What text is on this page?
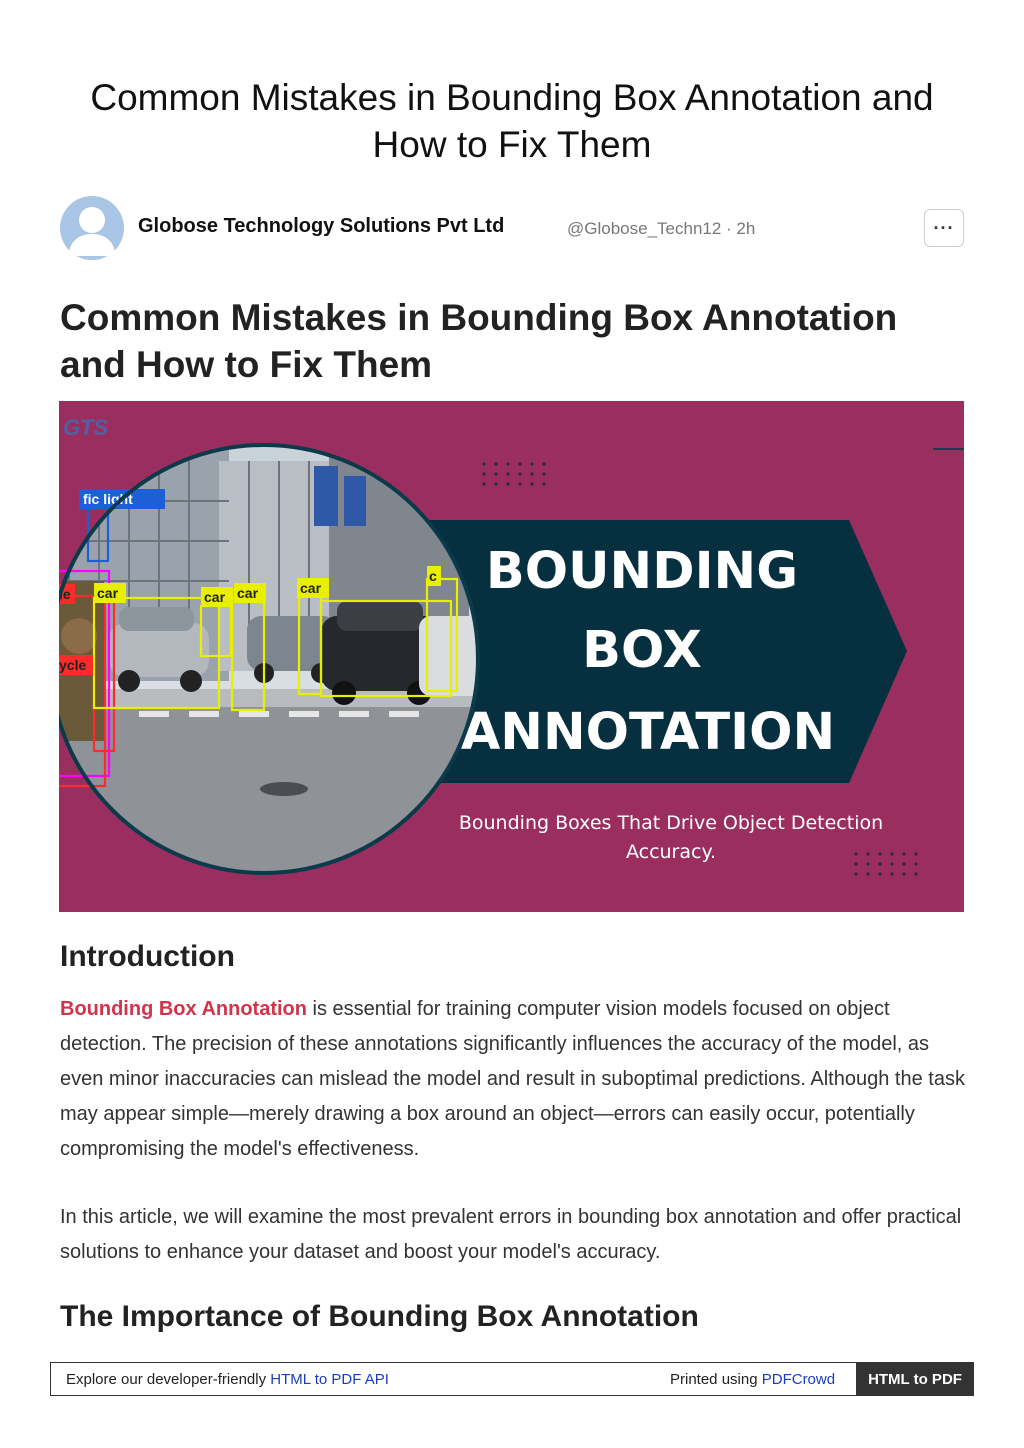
Common Mistakes in Bounding Box Annotation and How to Fix Them
Globose Technology Solutions Pvt Ltd	@Globose_Techn12 · 2h	···
Common Mistakes in Bounding Box Annotation and How to Fix Them
GTS
fic light
le car	car car	car
ycle
c BOUNDING
BOX
ANNOTATION
Bounding Boxes That Drive Object Detection
Accuracy.
Introduction

Bounding Box Annotation is essential for training computer vision models focused on object detection. The precision of these annotations significantly influences the accuracy of the model, as even minor inaccuracies can mislead the model and result in suboptimal predictions. Although the task may appear simple—merely drawing a box around an object—errors can easily occur, potentially compromising the model's effectiveness.

In this article, we will examine the most prevalent errors in bounding box annotation and offer practical solutions to enhance your dataset and boost your model's accuracy.

The Importance of Bounding Box Annotation
Explore our developer-friendly HTML to PDF API	Printed using PDFCrowd	HTML to PDF
